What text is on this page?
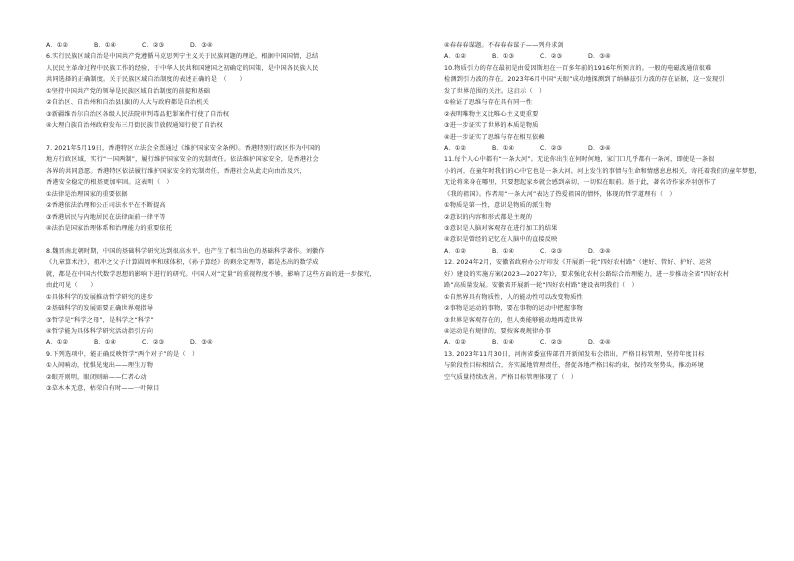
A．①②	B．①④	C．②③	D．③④
6.实行民族区域自治是中国共产党遵循马克思列宁主义关于民族问题的理论，根据中国国情，总结
人民民主革命过程中民族工作的经验，于中华人民共和国建国之初确定的国策，是中国各民族人民
共同选择的正确制度。关于民族区域自治制度的表述正确的是　（　　）
①坚持中国共产党的领导是民族区域自治制度的前提和基础
②自治区、自治州和自治县(旗)的人大与政府都是自治机关
③新疆维吾尔自治区各级人民法院审判毒品犯罪案件行使了自治权
④大理白族自治州政府发布三月街民族节放假通知行使了自治权
7. 2021年5月19日，香港特区立法会全票通过《维护国家安全条例》。香港特别行政区作为中国的
地方行政区域，实行“一国两制”，履行维护国家安全的宪制责任。依法维护国家安全，是香港社会
各界的共同意愿。香港特区依法履行维护国家安全的宪制责任，香港社会从此走向由治及兴，
香港安全稳定的根基更加牢固。这表明（　）
①法律是治理国家的重要依据
②香港依法治理和公正司法水平在不断提高
③香港居民与内地居民在法律面前一律平等
④法治是国家治理体系和治理能力的重要依托
8.魏晋南北朝时期，中国的基础科学研究达到很高水平，也产生了相当出色的基础科学著作。刘徽作
《九章算术注》，祖冲之父子计算圆周率和球体积，《孙子算经》的剩余定理等，都是杰出的数学成
就，都是在中国古代数学思想的影响下进行的研究。中国人对“定量”的重视程度不够，影响了这些方面的进一步探究，
由此可见（　　）
①具体科学的发展推动哲学研究的进步
②基础科学的发展需要正确世界观指导
③哲学是“科学之母”，是科学之“科学”
④哲学能为具体科学研究活动指引方向
A．①②	B．①④	C．②③	D．③④
9.下列选项中，能正确反映哲学“两个对子”的是（　）
①人间响动，忧惧见鬼出——理生万物
②眼开则明，眼闭则暗——仁者心动
③草木本无意，枯荣自有时——一叶障目
④春春春谋题。不春春春谋子——列舟求剑
A．①②	B．①③	C．②③	D．③④
10.物质引力的存在最初是由爱因斯坦在一百多年前的1916年所预言的。一般的电磁波通信很难
检测到引力波的存在。2023年6月中国“天眼”成功地探测到了纳赫兹引力波的存在证据，这一发现引
发了世界范围的关注。这启示（　）
①验证了思维与存在具有同一性
②表明唯物主义比唯心主义更重要
③进一步证实了世界的本质是物质
④进一步证实了思维与存在相互依赖
A．①②	B．①④	C．②③	D．③④
11.每个人心中都有“一条大河”。无论你出生在何时何地，家门口几乎都有一条河，即使是一条很
小的河，在童年时我们的心中它也是一条大河。河上发生的事情与生命和情感息息相关，寄托着我们的童年梦想，
无论将来身在哪里，只要想起家乡就会感到亲切，一切似在眼前。基于此，著名诗作家乔羽创作了
《我的祖国》。作者用“一条大河”表达了热爱祖国的情怀，体现的哲学道理有（　）
①物质是第一性，意识是物质的派生物
②意识的内容和形式都是主观的
③意识是人脑对客观存在进行加工的结果
④意识是曾经的记忆在人脑中的直接反映
A．①②	B．①④	C．②③	D．③④
12. 2024年2月，安徽省政府办公厅印发《开展新一轮“四好农村路”（建好、管好、护好、运营
好）建设的实施方案(2023—2027年)》，要求强化农村公路综合治理能力，进一步推动全省“四好农村
路”高质量发展。安徽省开展新一轮“四好农村路”建设表明我们（　）
①自然界具有物质性，人的能动性可以改变物质性
②事物是运动的事物，要在事物的运动中把握事物
③世界是客观存在的，但人类能够能动地再造世界
④运动是有规律的，要按客观规律办事
A．①②	B．①④	C．②③	D．②④
13. 2023年11月30日，河南省委宣传部召开新闻发布会指出，严格目标管理，坚持年度目标
与阶段性目标相结合，夯实属地管理责任，督促各地严格目标约束，保持攻坚势头，推动环境
空气质量持续改善。严格目标管理体现了（　）
